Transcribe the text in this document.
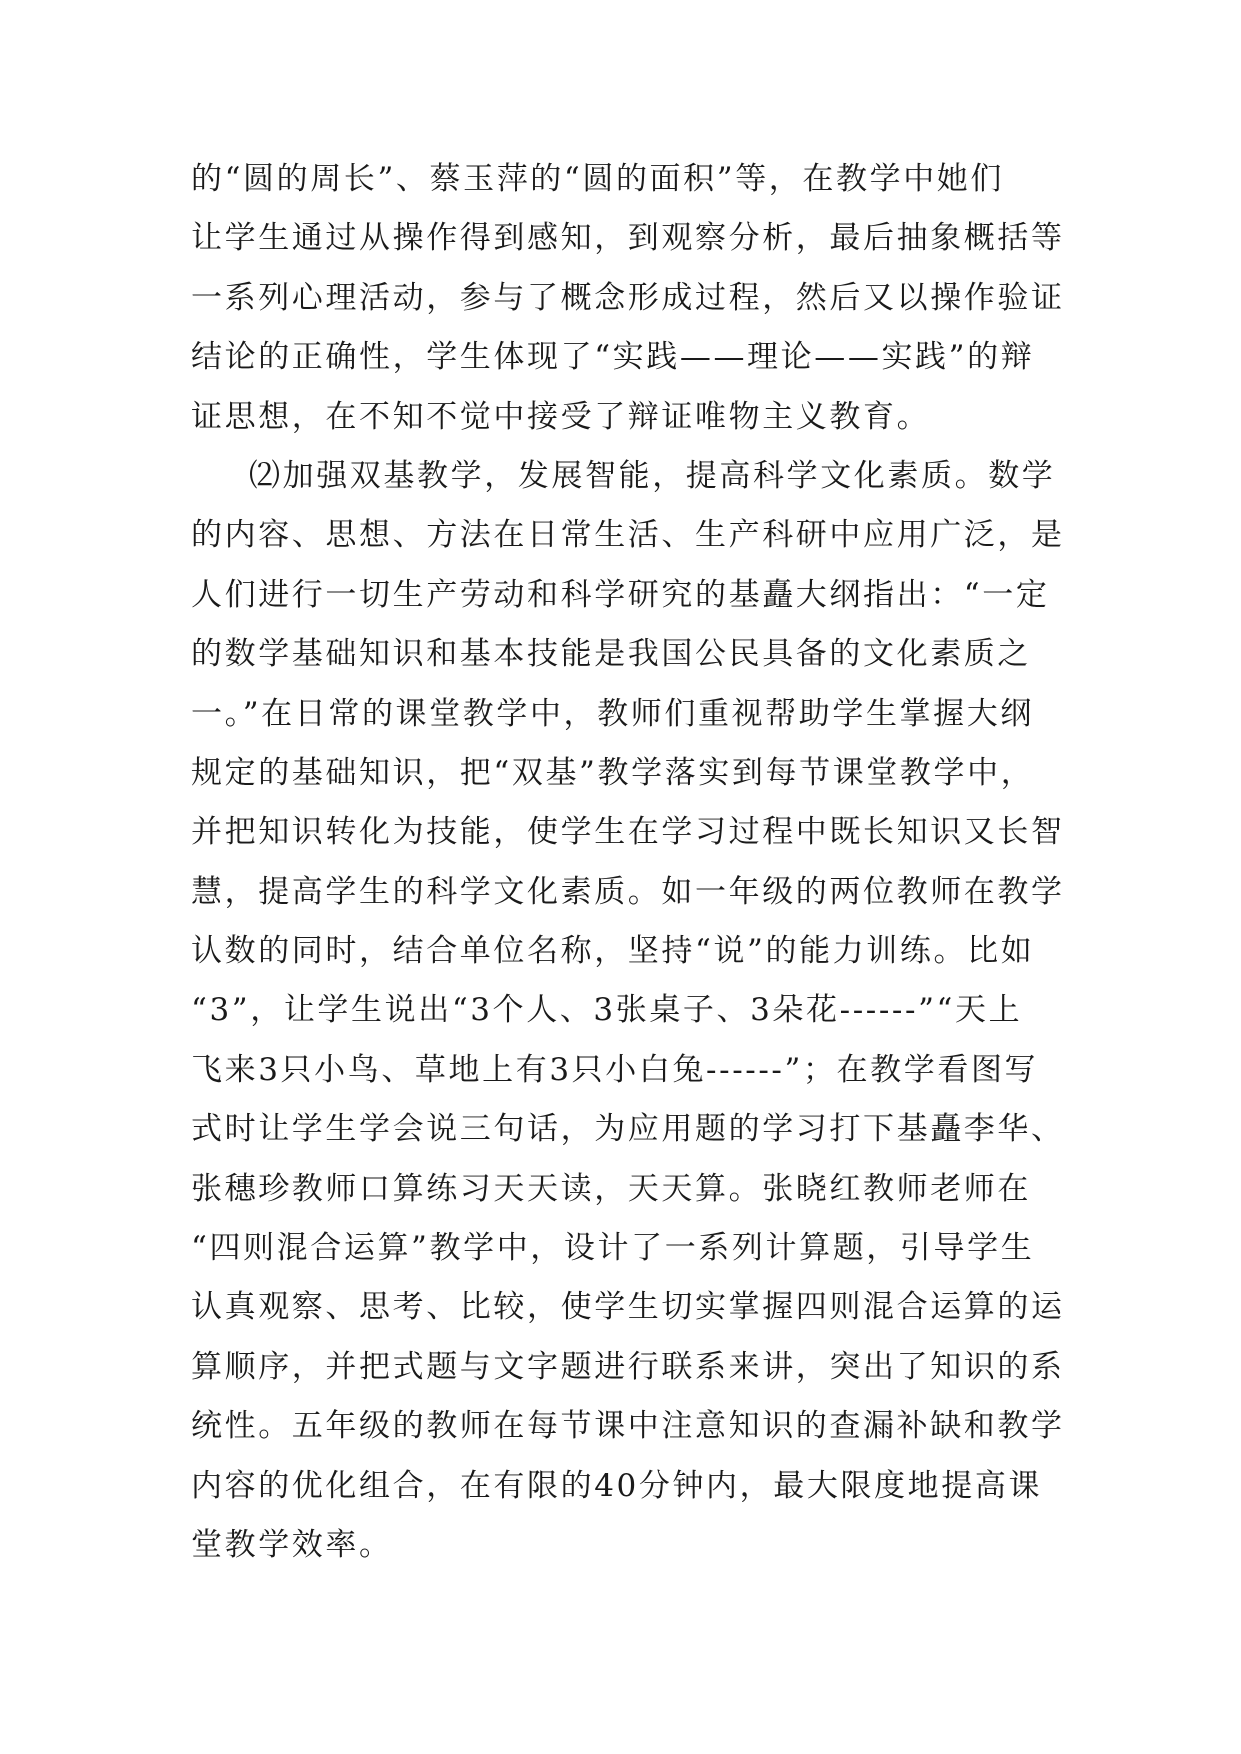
的“圆的周长”、蔡玉萍的“圆的面积”等，在教学中她们
让学生通过从操作得到感知，到观察分析，最后抽象概括等
一系列心理活动，参与了概念形成过程，然后又以操作验证
结论的正确性，学生体现了“实践——理论——实践”的辩
证思想，在不知不觉中接受了辩证唯物主义教育。
⑵加强双基教学，发展智能，提高科学文化素质。数学
的内容、思想、方法在日常生活、生产科研中应用广泛，是
人们进行一切生产劳动和科学研究的基矗大纲指出：“一定
的数学基础知识和基本技能是我国公民具备的文化素质之
一。”在日常的课堂教学中，教师们重视帮助学生掌握大纲
规定的基础知识，把“双基”教学落实到每节课堂教学中，
并把知识转化为技能，使学生在学习过程中既长知识又长智
慧，提高学生的科学文化素质。如一年级的两位教师在教学
认数的同时，结合单位名称，坚持“说”的能力训练。比如
“3”，让学生说出“3个人、3张桌子、3朵花------”“天上
飞来3只小鸟、草地上有3只小白兔------”；在教学看图写
式时让学生学会说三句话，为应用题的学习打下基矗李华、
张穗珍教师口算练习天天读，天天算。张晓红教师老师在
“四则混合运算”教学中，设计了一系列计算题，引导学生
认真观察、思考、比较，使学生切实掌握四则混合运算的运
算顺序，并把式题与文字题进行联系来讲，突出了知识的系
统性。五年级的教师在每节课中注意知识的查漏补缺和教学
内容的优化组合，在有限的40分钟内，最大限度地提高课
堂教学效率。
